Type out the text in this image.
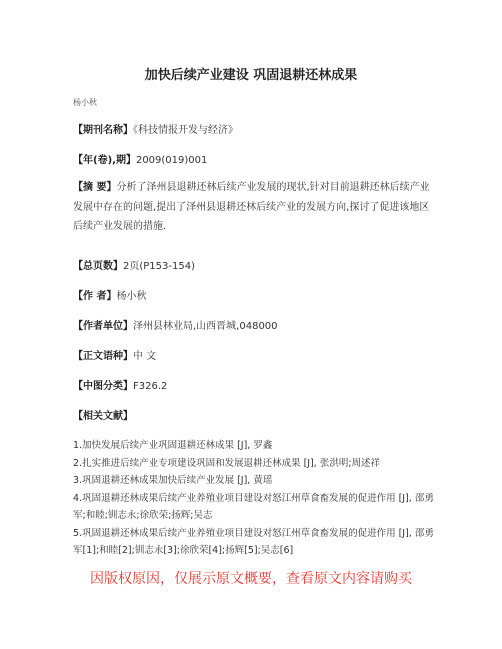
加快后续产业建设 巩固退耕还林成果
杨小秋
【期刊名称】《科技情报开发与经济》
【年(卷),期】2009(019)001
【摘 要】分析了泽州县退耕还林后续产业发展的现状,针对目前退耕还林后续产业发展中存在的问题,提出了泽州县退耕还林后续产业的发展方向,探讨了促进该地区后续产业发展的措施.
【总页数】2页(P153-154)
【作 者】杨小秋
【作者单位】泽州县林业局,山西晋城,048000
【正文语种】中 文
【中图分类】F326.2
【相关文献】

1.加快发展后续产业巩固退耕还林成果 [J], 罗鑫

2.扎实推进后续产业专项建设巩固和发展退耕还林成果 [J], 张洪明;周述祥

3.巩固退耕还林成果加快后续产业发展 [J], 黄瑶

4.巩固退耕还林成果后续产业养殖业项目建设对怒江州草食畜发展的促进作用 [J], 邵勇军;和睦;钏志永;徐欣荣;扬辉;吴志

5.巩固退耕还林成果后续产业养殖业项目建设对怒江州草食畜发展的促进作用 [J], 邵勇军[1];和睦[2];钏志永[3];徐欣荣[4];扬辉[5];吴志[6]

因版权原因，仅展示原文概要，查看原文内容请购买
